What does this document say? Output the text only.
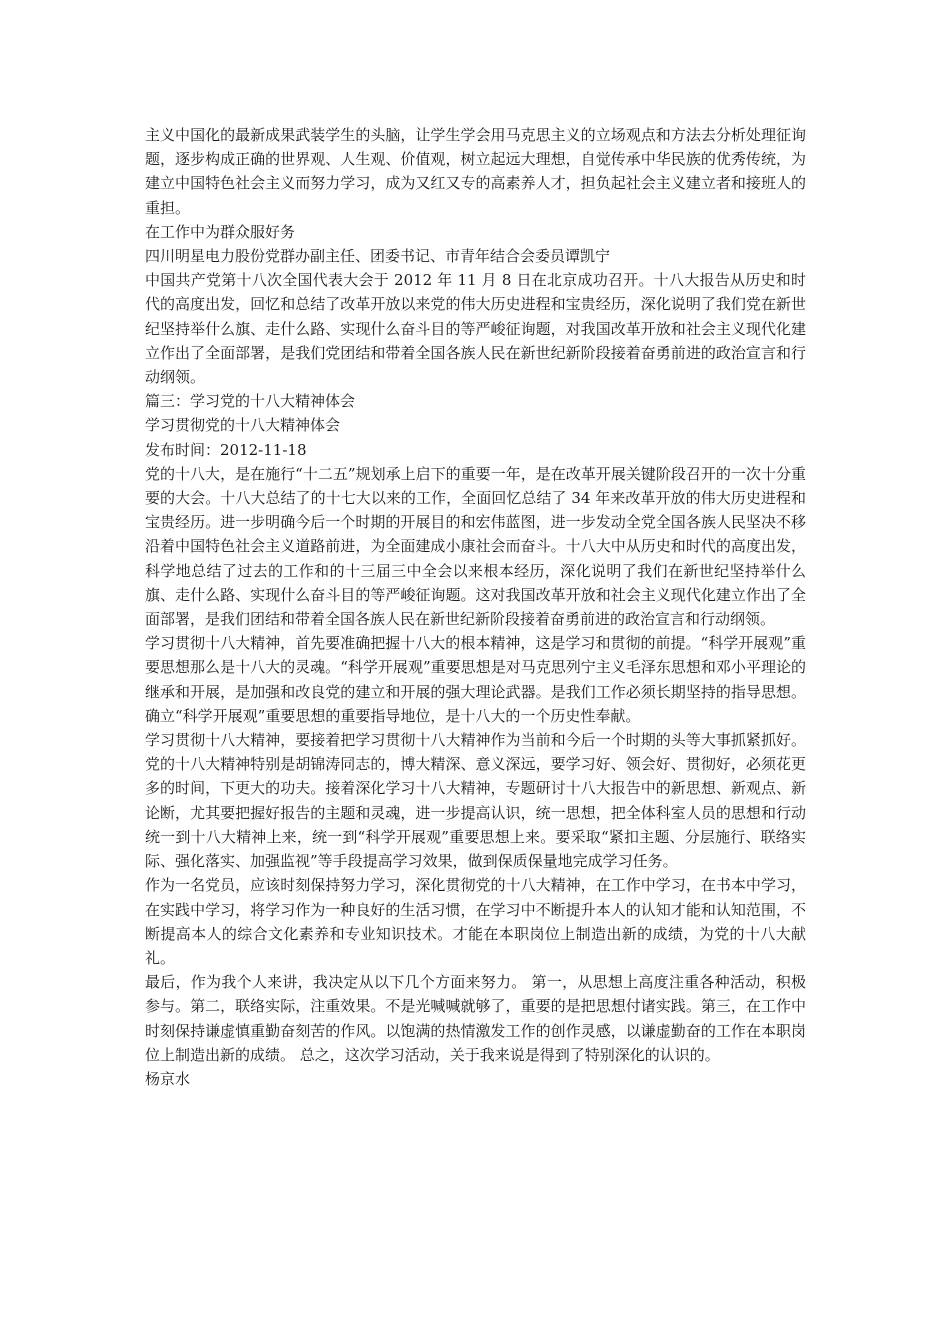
主义中国化的最新成果武装学生的头脑，让学生学会用马克思主义的立场观点和方法去分析处理征询题，逐步构成正确的世界观、人生观、价值观，树立起远大理想，自觉传承中华民族的优秀传统，为建立中国特色社会主义而努力学习，成为又红又专的高素养人才，担负起社会主义建立者和接班人的重担。

在工作中为群众服好务

四川明星电力股份党群办副主任、团委书记、市青年结合会委员谭凯宁

中国共产党第十八次全国代表大会于 2012 年 11 月 8 日在北京成功召开。十八大报告从历史和时代的高度出发，回忆和总结了改革开放以来党的伟大历史进程和宝贵经历，深化说明了我们党在新世纪坚持举什么旗、走什么路、实现什么奋斗目的等严峻征询题，对我国改革开放和社会主义现代化建立作出了全面部署，是我们党团结和带着全国各族人民在新世纪新阶段接着奋勇前进的政治宣言和行动纲领。

篇三：学习党的十八大精神体会

学习贯彻党的十八大精神体会

发布时间：2012-11-18

党的十八大，是在施行“十二五”规划承上启下的重要一年，是在改革开展关键阶段召开的一次十分重要的大会。十八大总结了的十七大以来的工作，全面回忆总结了 34 年来改革开放的伟大历史进程和宝贵经历。进一步明确今后一个时期的开展目的和宏伟蓝图，进一步发动全党全国各族人民坚决不移沿着中国特色社会主义道路前进，为全面建成小康社会而奋斗。十八大中从历史和时代的高度出发，科学地总结了过去的工作和的十三届三中全会以来根本经历，深化说明了我们在新世纪坚持举什么旗、走什么路、实现什么奋斗目的等严峻征询题。这对我国改革开放和社会主义现代化建立作出了全面部署，是我们团结和带着全国各族人民在新世纪新阶段接着奋勇前进的政治宣言和行动纲领。

学习贯彻十八大精神，首先要准确把握十八大的根本精神，这是学习和贯彻的前提。“科学开展观”重要思想那么是十八大的灵魂。“科学开展观”重要思想是对马克思列宁主义毛泽东思想和邓小平理论的继承和开展，是加强和改良党的建立和开展的强大理论武器。是我们工作必须长期坚持的指导思想。确立“科学开展观”重要思想的重要指导地位，是十八大的一个历史性奉献。

学习贯彻十八大精神，要接着把学习贯彻十八大精神作为当前和今后一个时期的头等大事抓紧抓好。党的十八大精神特别是胡锦涛同志的，博大精深、意义深远，要学习好、领会好、贯彻好，必须花更多的时间，下更大的功夫。接着深化学习十八大精神，专题研讨十八大报告中的新思想、新观点、新论断，尤其要把握好报告的主题和灵魂，进一步提高认识，统一思想，把全体科室人员的思想和行动统一到十八大精神上来，统一到“科学开展观”重要思想上来。要采取“紧扣主题、分层施行、联络实际、强化落实、加强监视”等手段提高学习效果，做到保质保量地完成学习任务。

作为一名党员，应该时刻保持努力学习，深化贯彻党的十八大精神，在工作中学习，在书本中学习，在实践中学习，将学习作为一种良好的生活习惯，在学习中不断提升本人的认知才能和认知范围，不断提高本人的综合文化素养和专业知识技术。才能在本职岗位上制造出新的成绩，为党的十八大献礼。

最后，作为我个人来讲，我决定从以下几个方面来努力。 第一，从思想上高度注重各种活动，积极参与。第二，联络实际，注重效果。不是光喊喊就够了，重要的是把思想付诸实践。第三，在工作中时刻保持谦虚慎重勤奋刻苦的作风。以饱满的热情激发工作的创作灵感，以谦虚勤奋的工作在本职岗位上制造出新的成绩。 总之，这次学习活动，关于我来说是得到了特别深化的认识的。

杨京水
